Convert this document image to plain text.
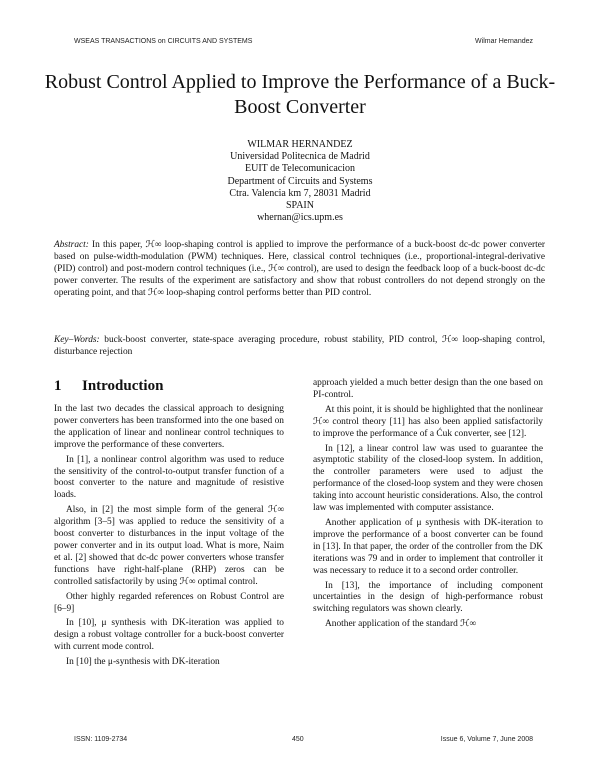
WSEAS TRANSACTIONS on CIRCUITS AND SYSTEMS	Wilmar Hernandez
Robust Control Applied to Improve the Performance of a Buck-Boost Converter
WILMAR HERNANDEZ
Universidad Politecnica de Madrid
EUIT de Telecomunicacion
Department of Circuits and Systems
Ctra. Valencia km 7, 28031 Madrid
SPAIN
whernan@ics.upm.es
Abstract: In this paper, ℋ∞ loop-shaping control is applied to improve the performance of a buck-boost dc-dc power converter based on pulse-width-modulation (PWM) techniques. Here, classical control techniques (i.e., proportional-integral-derivative (PID) control) and post-modern control techniques (i.e., ℋ∞ control), are used to design the feedback loop of a buck-boost dc-dc power converter. The results of the experiment are satisfactory and show that robust controllers do not depend strongly on the operating point, and that ℋ∞ loop-shaping control performs better than PID control.
Key–Words: buck-boost converter, state-space averaging procedure, robust stability, PID control, ℋ∞ loop-shaping control, disturbance rejection
1 Introduction

In the last two decades the classical approach to designing power converters has been transformed into the one based on the application of linear and nonlinear control techniques to improve the performance of these converters.

In [1], a nonlinear control algorithm was used to reduce the sensitivity of the control-to-output transfer function of a boost converter to the nature and magnitude of resistive loads.

Also, in [2] the most simple form of the general ℋ∞ algorithm [3–5] was applied to reduce the sensitivity of a boost converter to disturbances in the input voltage of the power converter and in its output load. What is more, Naim et al. [2] showed that dc-dc power converters whose transfer functions have right-half-plane (RHP) zeros can be controlled satisfactorily by using ℋ∞ optimal control.

Other highly regarded references on Robust Control are [6–9]

In [10], μ synthesis with DK-iteration was applied to design a robust voltage controller for a buck-boost converter with current mode control.

In [10] the μ-synthesis with DK-iteration

approach yielded a much better design than the one based on PI-control.

At this point, it is should be highlighted that the nonlinear ℋ∞ control theory [11] has also been applied satisfactorily to improve the performance of a Ćuk converter, see [12].

In [12], a linear control law was used to guarantee the asymptotic stability of the closed-loop system. In addition, the controller parameters were used to adjust the performance of the closed-loop system and they were chosen taking into account heuristic considerations. Also, the control law was implemented with computer assistance.

Another application of μ synthesis with DK-iteration to improve the performance of a boost converter can be found in [13]. In that paper, the order of the controller from the DK iterations was 79 and in order to implement that controller it was necessary to reduce it to a second order controller.

In [13], the importance of including component uncertainties in the design of high-performance robust switching regulators was shown clearly.

Another application of the standard ℋ∞

ISSN: 1109-2734	450	Issue 6, Volume 7, June 2008
